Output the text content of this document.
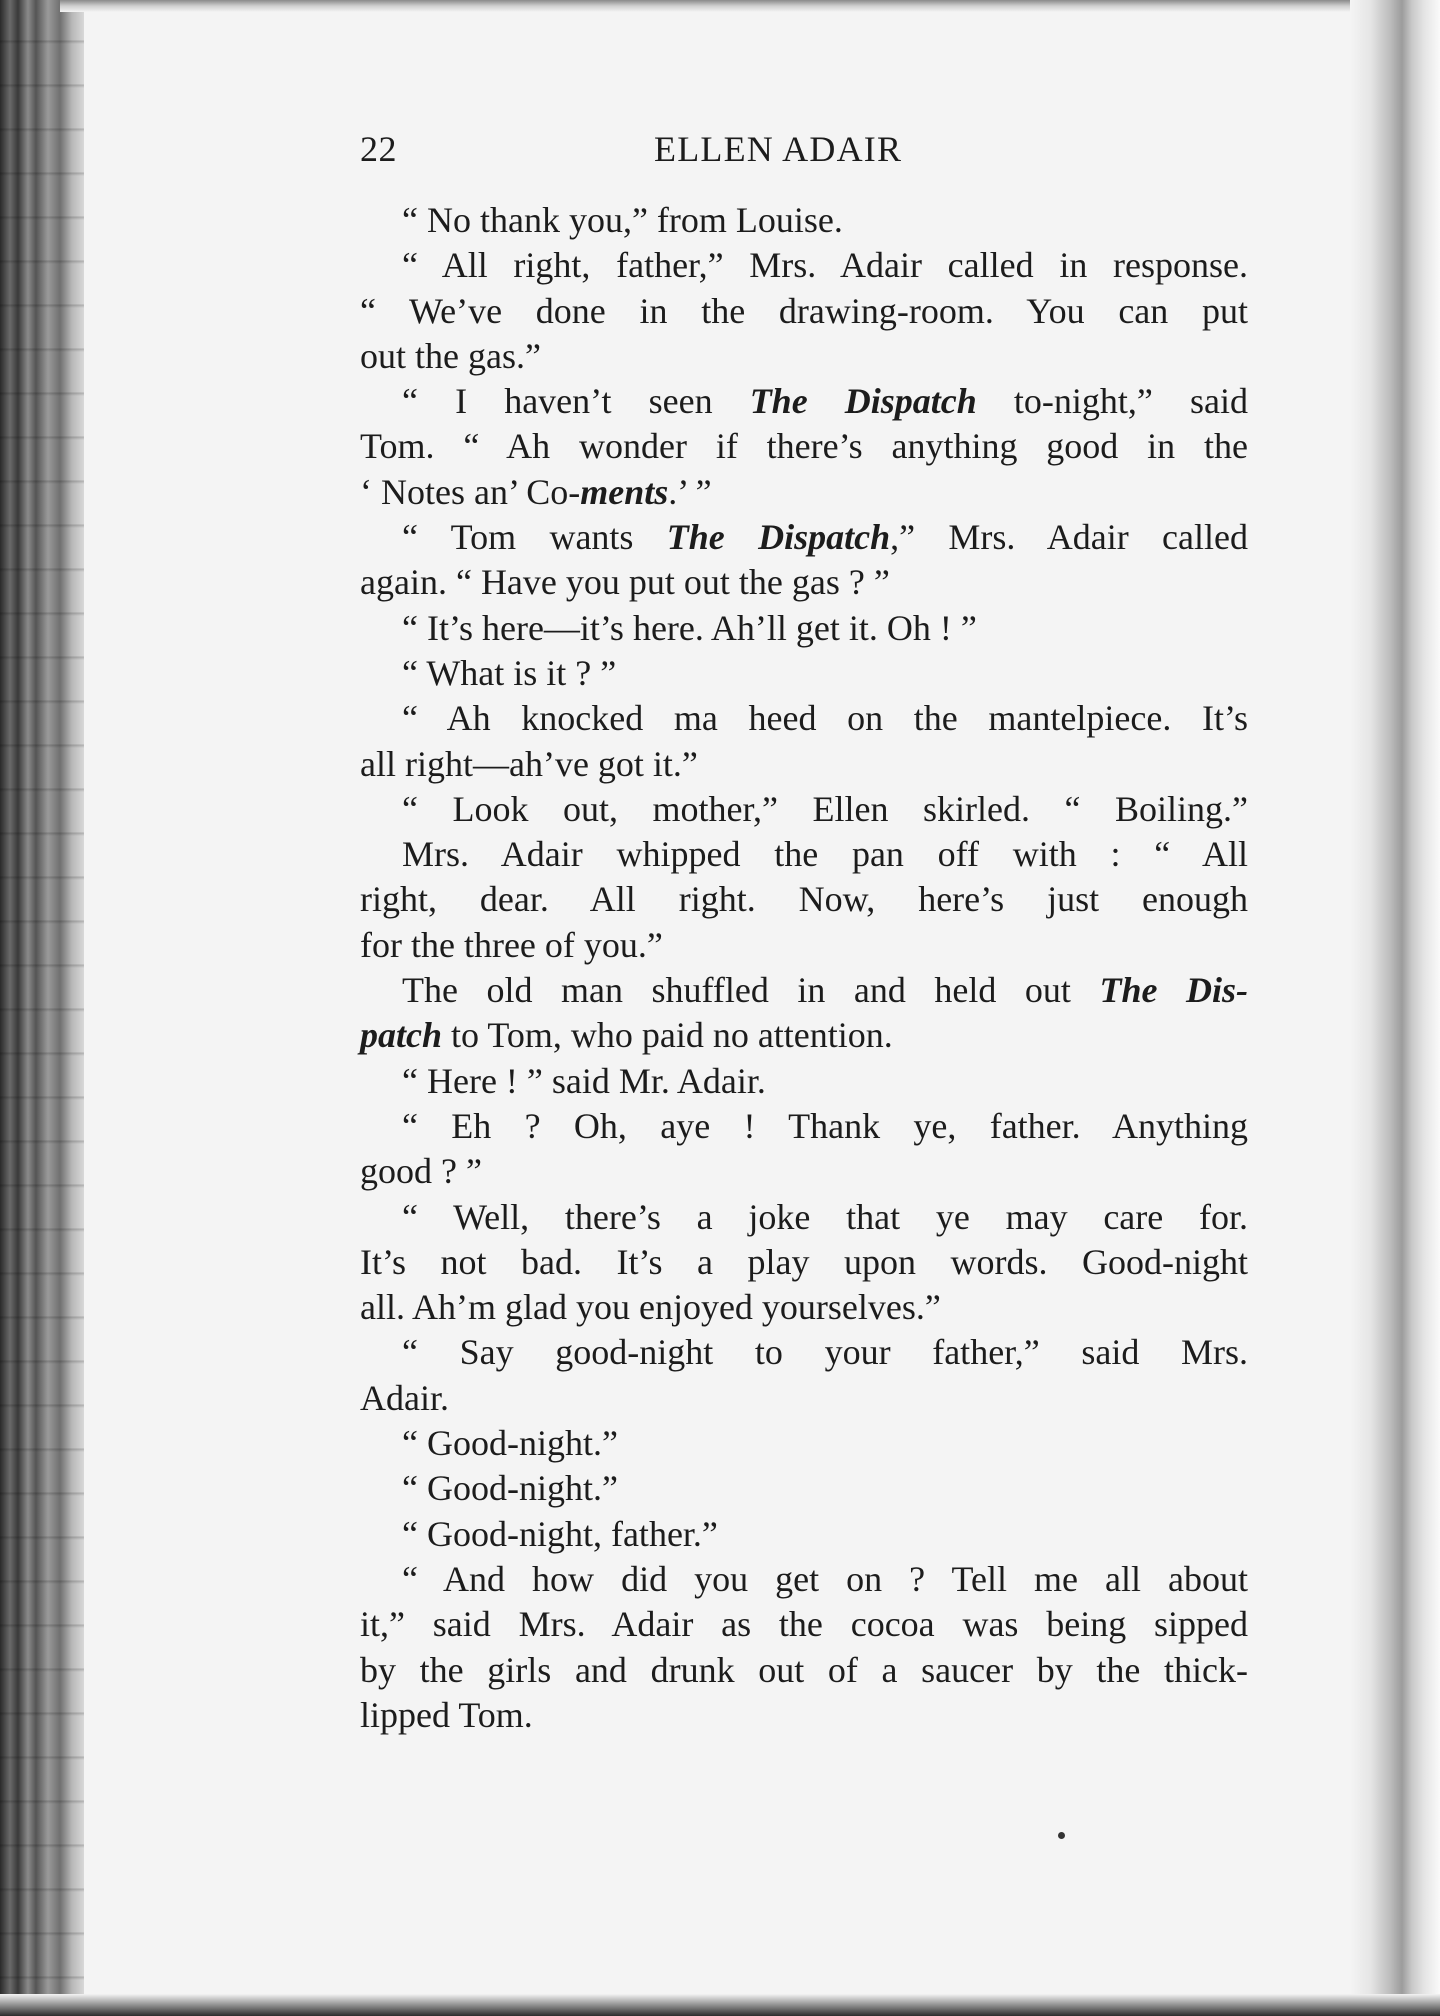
22	ELLEN ADAIR
“ No thank you,” from Louise.
“ All right, father,” Mrs. Adair called in response.
“ We’ve done in the drawing-room. You can put
out the gas.”
“ I haven’t seen The Dispatch to-night,” said
Tom. “ Ah wonder if there’s anything good in the
‘ Notes an’ Co-ments.’ ”
“ Tom wants The Dispatch,” Mrs. Adair called
again. “ Have you put out the gas ? ”
“ It’s here—it’s here. Ah’ll get it. Oh ! ”
“ What is it ? ”
“ Ah knocked ma heed on the mantelpiece. It’s
all right—ah’ve got it.”
“ Look out, mother,” Ellen skirled. “ Boiling.”
Mrs. Adair whipped the pan off with : “ All
right, dear. All right. Now, here’s just enough
for the three of you.”
The old man shuffled in and held out The Dis-
patch to Tom, who paid no attention.
“ Here ! ” said Mr. Adair.
“ Eh ? Oh, aye ! Thank ye, father. Anything
good ? ”
“ Well, there’s a joke that ye may care for.
It’s not bad. It’s a play upon words. Good-night
all. Ah’m glad you enjoyed yourselves.”
“ Say good-night to your father,” said Mrs.
Adair.
“ Good-night.”
“ Good-night.”
“ Good-night, father.”
“ And how did you get on ? Tell me all about
it,” said Mrs. Adair as the cocoa was being sipped
by the girls and drunk out of a saucer by the thick-
lipped Tom.
